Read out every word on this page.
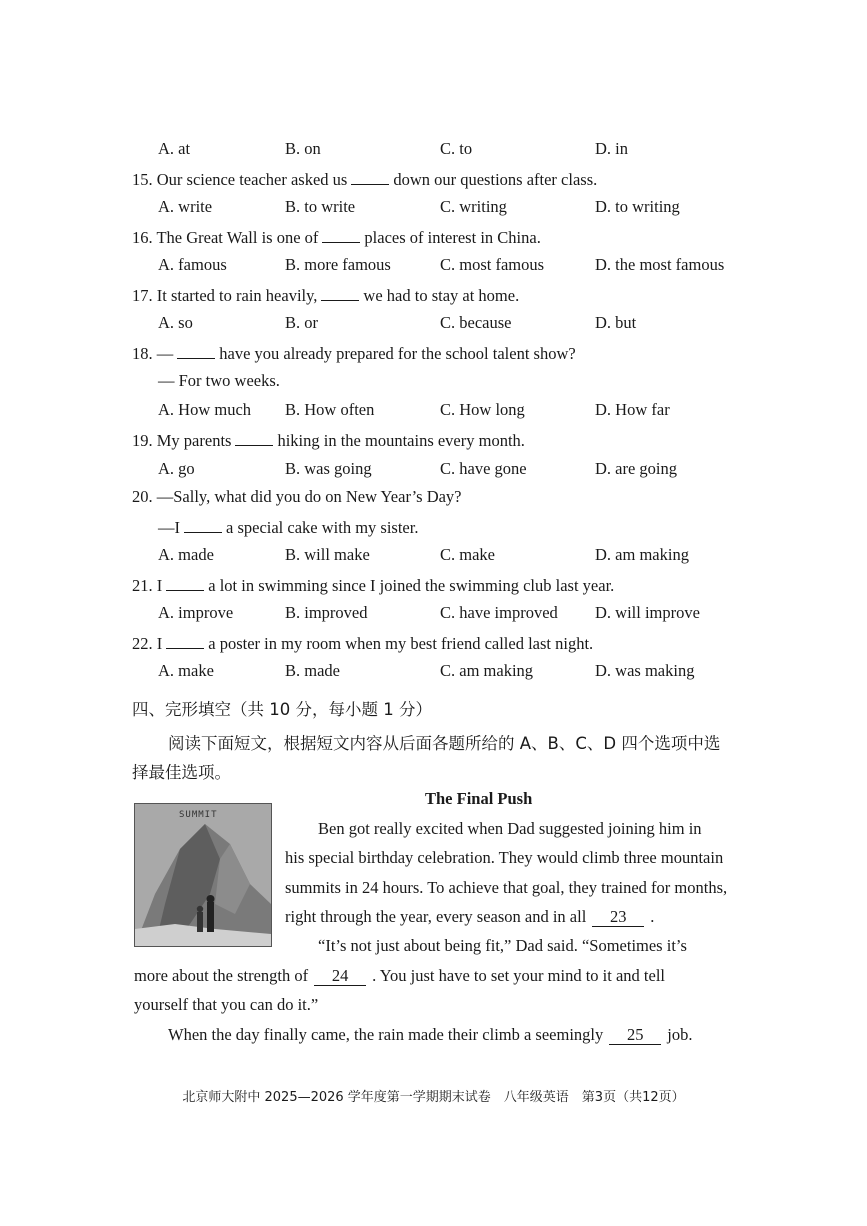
A. at	B. on	C. to	D. in
15. Our science teacher asked us	down our questions after class.
A. write	B. to write	C. writing	D. to writing
16. The Great Wall is one of	places of interest in China.
A. famous	B. more famous	C. most famous	D. the most famous
17. It started to rain heavily,	we had to stay at home.
A. so	B. or	C. because	D. but
18. —	have you already prepared for the school talent show?
— For two weeks.
A. How much B. How often	C. How long	D. How far
19. My parents	hiking in the mountains every month.
A. go	B. was going	C. have gone	D. are going
20. —Sally, what did you do on New Year’s Day?
—I	a special cake with my sister.
A. made	B. will make	C. make	D. am making
21. I	a lot in swimming since I joined the swimming club last year.
A. improve	B. improved	C. have improved D. will improve
22. I	a poster in my room when my best friend called last night.
A. make	B. made	C. am making	D. was making
四、完形填空（共 10 分，每小题 1 分）
阅读下面短文，根据短文内容从后面各题所给的 A、B、C、D 四个选项中选
择最佳选项。
The Final Push
SUMMIT
Ben got really excited when Dad suggested joining him in
his special birthday celebration. They would climb three mountain
summits in 24 hours. To achieve that goal, they trained for months,
right through the year, every season and in all 23 .
“It’s not just about being fit,” Dad said. “Sometimes it’s
more about the strength of 24 . You just have to set your mind to it and tell
yourself that you can do it.”
When the day finally came, the rain made their climb a seemingly 25 job.
北京师大附中 2025—2026 学年度第一学期期末试卷　八年级英语　第3页（共12页）
